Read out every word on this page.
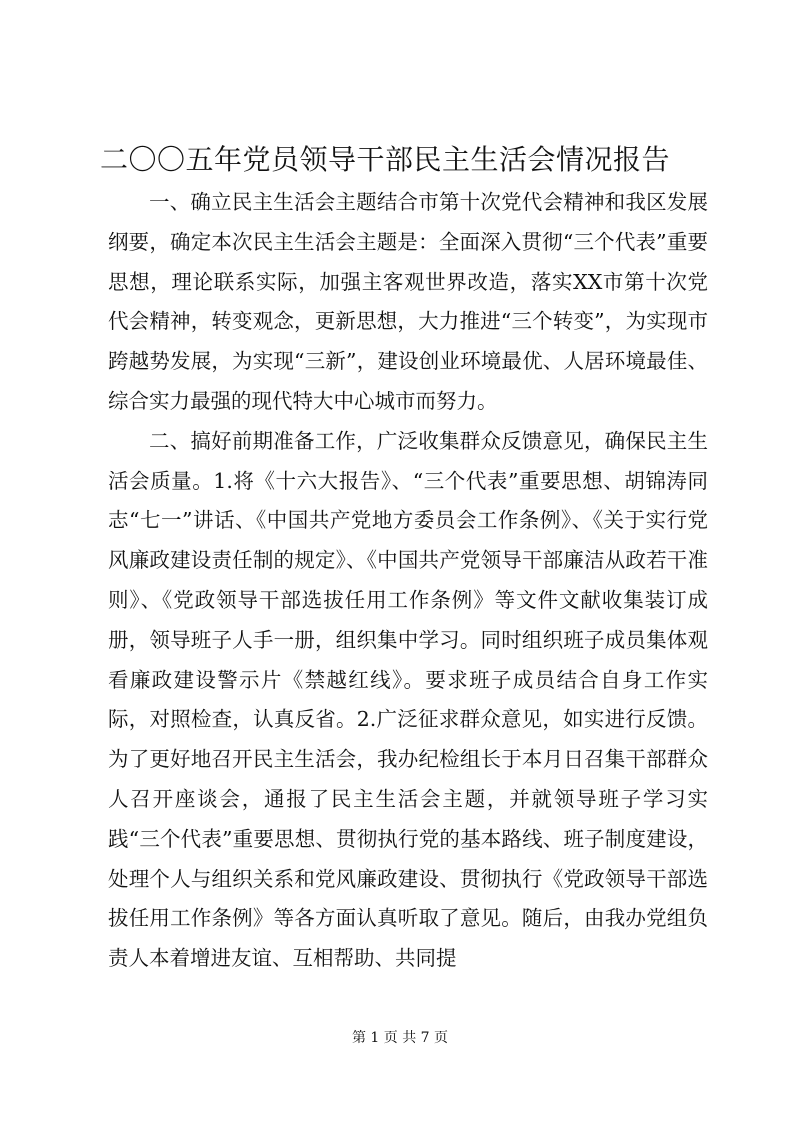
二〇〇五年党员领导干部民主生活会情况报告

一、确立民主生活会主题结合市第十次党代会精神和我区发展纲要，确定本次民主生活会主题是：全面深入贯彻“三个代表”重要思想，理论联系实际，加强主客观世界改造，落实XX市第十次党代会精神，转变观念，更新思想，大力推进“三个转变”，为实现市跨越势发展，为实现“三新”，建设创业环境最优、人居环境最佳、综合实力最强的现代特大中心城市而努力。

二、搞好前期准备工作，广泛收集群众反馈意见，确保民主生活会质量。1.将《十六大报告》、“三个代表”重要思想、胡锦涛同志“七一”讲话、《中国共产党地方委员会工作条例》、《关于实行党风廉政建设责任制的规定》、《中国共产党领导干部廉洁从政若干准则》、《党政领导干部选拔任用工作条例》等文件文献收集装订成册，领导班子人手一册，组织集中学习。同时组织班子成员集体观看廉政建设警示片《禁越红线》。要求班子成员结合自身工作实际，对照检查，认真反省。2.广泛征求群众意见，如实进行反馈。为了更好地召开民主生活会，我办纪检组长于本月日召集干部群众人召开座谈会，通报了民主生活会主题，并就领导班子学习实践“三个代表”重要思想、贯彻执行党的基本路线、班子制度建设，处理个人与组织关系和党风廉政建设、贯彻执行《党政领导干部选拔任用工作条例》等各方面认真听取了意见。随后，由我办党组负责人本着增进友谊、互相帮助、共同提

第 1 页 共 7 页
